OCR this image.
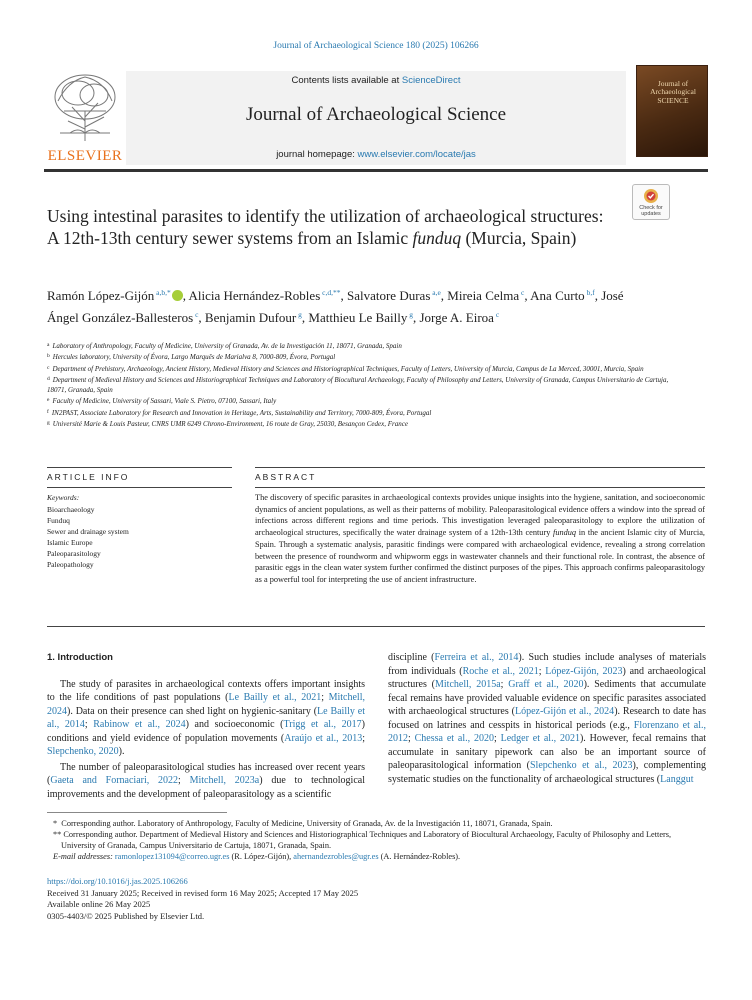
Journal of Archaeological Science 180 (2025) 106266
ELSEVIER
Contents lists available at ScienceDirect
Journal of Archaeological Science
journal homepage: www.elsevier.com/locate/jas
Journal of Archaeological
SCIENCE
Check for updates
Using intestinal parasites to identify the utilization of archaeological structures: A 12th-13th century sewer systems from an Islamic funduq (Murcia, Spain)
Ramón López-Gijón $^{a,b,*}$ , Alicia Hernández-Robles $^{c,d,**}$, Salvatore Duras $^{a,e}$, Mireia Celma $^c$, Ana Curto $^{b,f}$, José Ángel González-Ballesteros $^c$, Benjamin Dufour $^g$, Matthieu Le Bailly $^g$, Jorge A. Eiroa $^c$
$^a$ Laboratory of Anthropology, Faculty of Medicine, University of Granada, Av. de la Investigación 11, 18071, Granada, Spain
$^b$ Hercules laboratory, University of Évora, Largo Marquês de Marialva 8, 7000-809, Évora, Portugal
$^c$ Department of Prehistory, Archaeology, Ancient History, Medieval History and Sciences and Historiographical Techniques, Faculty of Letters, University of Murcia, Campus de La Merced, 30001, Murcia, Spain
$^d$ Department of Medieval History and Sciences and Historiographical Techniques and Laboratory of Biocultural Archaeology, Faculty of Philosophy and Letters, University of Granada, Campus Universitario de Cartuja, 18071, Granada, Spain
$^e$ Faculty of Medicine, University of Sassari, Viale S. Pietro, 07100, Sassari, Italy
$^f$ IN2PAST, Associate Laboratory for Research and Innovation in Heritage, Arts, Sustainability and Territory, 7000-809, Évora, Portugal
$^g$ Université Marie & Louis Pasteur, CNRS UMR 6249 Chrono-Environment, 16 route de Gray, 25030, Besançon Cedex, France
ARTICLE INFO	ABSTRACT
Keywords:
Bioarchaeology
Funduq
Sewer and drainage system
Islamic Europe
Paleoparasitology
Paleopathology
The discovery of specific parasites in archaeological contexts provides unique insights into the hygiene, sanitation, and socioeconomic dynamics of ancient populations, as well as their patterns of mobility. Paleoparasitological evidence offers a window into the spread of infections across different regions and time periods. This investigation leveraged paleoparasitology to explore the utilization of archaeological structures, specifically the water drainage system of a 12th-13th century funduq in the ancient Islamic city of Murcia, Spain. Through a systematic analysis, parasitic findings were compared with archaeological evidence, revealing a strong correlation between the presence of roundworm and whipworm eggs in wastewater channels and their functional role. In contrast, the absence of parasitic eggs in the clean water system further confirmed the distinct purposes of the pipes. This approach confirms paleoparasitology as a powerful tool for interpreting the use of ancient infrastructure.
1. Introduction
The study of parasites in archaeological contexts offers important insights to the life conditions of past populations (Le Bailly et al., 2021; Mitchell, 2024). Data on their presence can shed light on hygienic-sanitary (Le Bailly et al., 2014; Rabinow et al., 2024) and socioeconomic (Trigg et al., 2017) conditions and yield evidence of population movements (Araújo et al., 2013; Slepchenko, 2020).
The number of paleoparasitological studies has increased over recent years (Gaeta and Fornaciari, 2022; Mitchell, 2023a) due to technological improvements and the development of paleoparasitology as a scientific
discipline (Ferreira et al., 2014). Such studies include analyses of materials from individuals (Roche et al., 2021; López-Gijón, 2023) and archaeological structures (Mitchell, 2015a; Graff et al., 2020). Sediments that accumulate fecal remains have provided valuable evidence on specific parasites associated with archaeological structures (López-Gijón et al., 2024). Research to date has focused on latrines and cesspits in historical periods (e.g., Florenzano et al., 2012; Chessa et al., 2020; Ledger et al., 2021). However, fecal remains that accumulate in sanitary pipework can also be an important source of paleoparasitological information (Slepchenko et al., 2023), complementing systematic studies on the functionality of archaeological structures (Langgut
*  Corresponding author. Laboratory of Anthropology, Faculty of Medicine, University of Granada, Av. de la Investigación 11, 18071, Granada, Spain.
** Corresponding author. Department of Medieval History and Sciences and Historiographical Techniques and Laboratory of Biocultural Archaeology, Faculty of Philosophy and Letters, University of Granada, Campus Universitario de Cartuja, 18071, Granada, Spain.
E-mail addresses: ramonlopez131094@correo.ugr.es (R. López-Gijón), ahernandezrobles@ugr.es (A. Hernández-Robles).
https://doi.org/10.1016/j.jas.2025.106266
Received 31 January 2025; Received in revised form 16 May 2025; Accepted 17 May 2025
Available online 26 May 2025
0305-4403/© 2025 Published by Elsevier Ltd.
